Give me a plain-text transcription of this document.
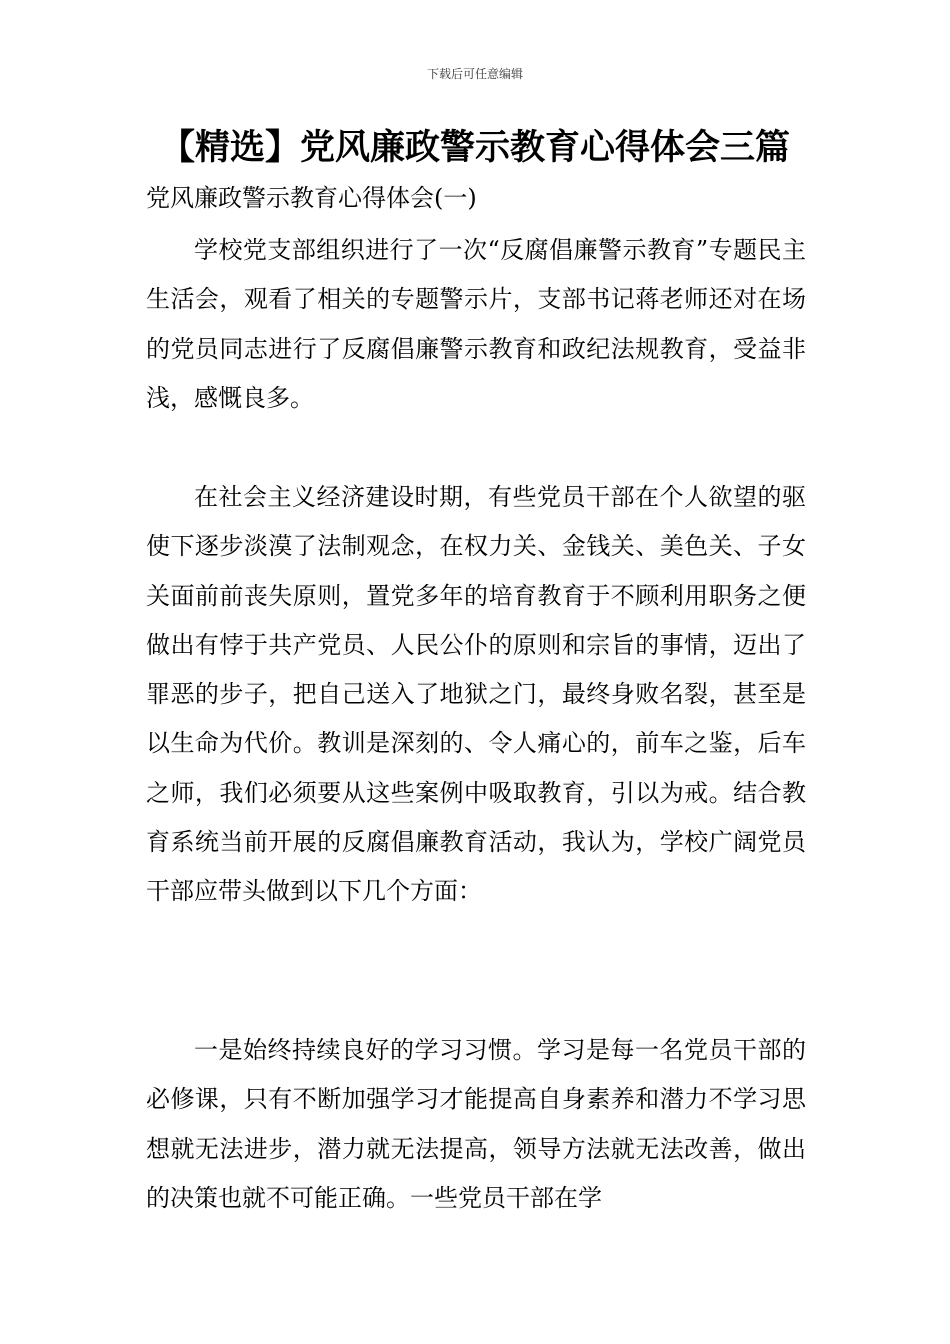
下载后可任意编辑
【精选】党风廉政警示教育心得体会三篇

党风廉政警示教育心得体会(一)

学校党支部组织进行了一次“反腐倡廉警示教育”专题民主生活会，观看了相关的专题警示片，支部书记蒋老师还对在场的党员同志进行了反腐倡廉警示教育和政纪法规教育，受益非浅，感慨良多。

在社会主义经济建设时期，有些党员干部在个人欲望的驱使下逐步淡漠了法制观念，在权力关、金钱关、美色关、子女关面前前丧失原则，置党多年的培育教育于不顾利用职务之便做出有悖于共产党员、人民公仆的原则和宗旨的事情，迈出了罪恶的步子，把自己送入了地狱之门，最终身败名裂，甚至是以生命为代价。教训是深刻的、令人痛心的，前车之鉴，后车之师，我们必须要从这些案例中吸取教育，引以为戒。结合教育系统当前开展的反腐倡廉教育活动，我认为，学校广阔党员干部应带头做到以下几个方面：

一是始终持续良好的学习习惯。学习是每一名党员干部的必修课，只有不断加强学习才能提高自身素养和潜力不学习思想就无法进步，潜力就无法提高，领导方法就无法改善，做出的决策也就不可能正确。一些党员干部在学
